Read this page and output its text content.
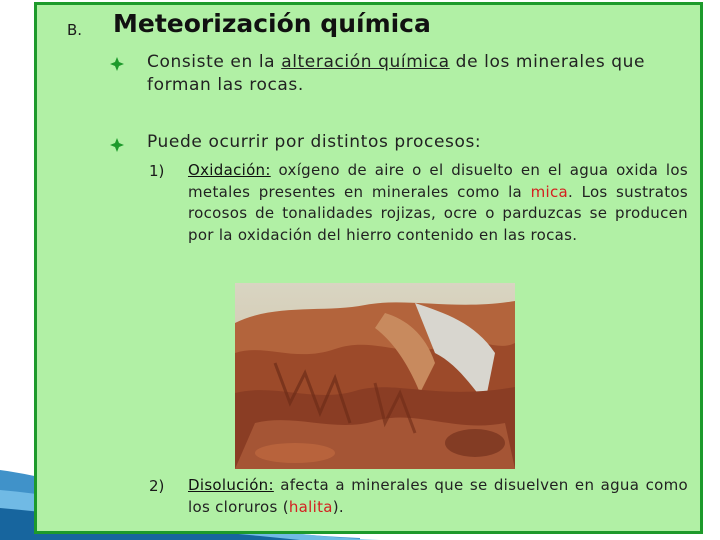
B. Meteorización química
Consiste en la alteración química de los minerales que forman las rocas.
Puede ocurrir por distintos procesos:
1) Oxidación: oxígeno de aire o el disuelto en el agua oxida los metales presentes en minerales como la mica. Los sustratos rocosos de tonalidades rojizas, ocre o parduzcas se producen por la oxidación del hierro contenido en las rocas.
2) Disolución: afecta a minerales que se disuelven en agua como los cloruros (halita).
